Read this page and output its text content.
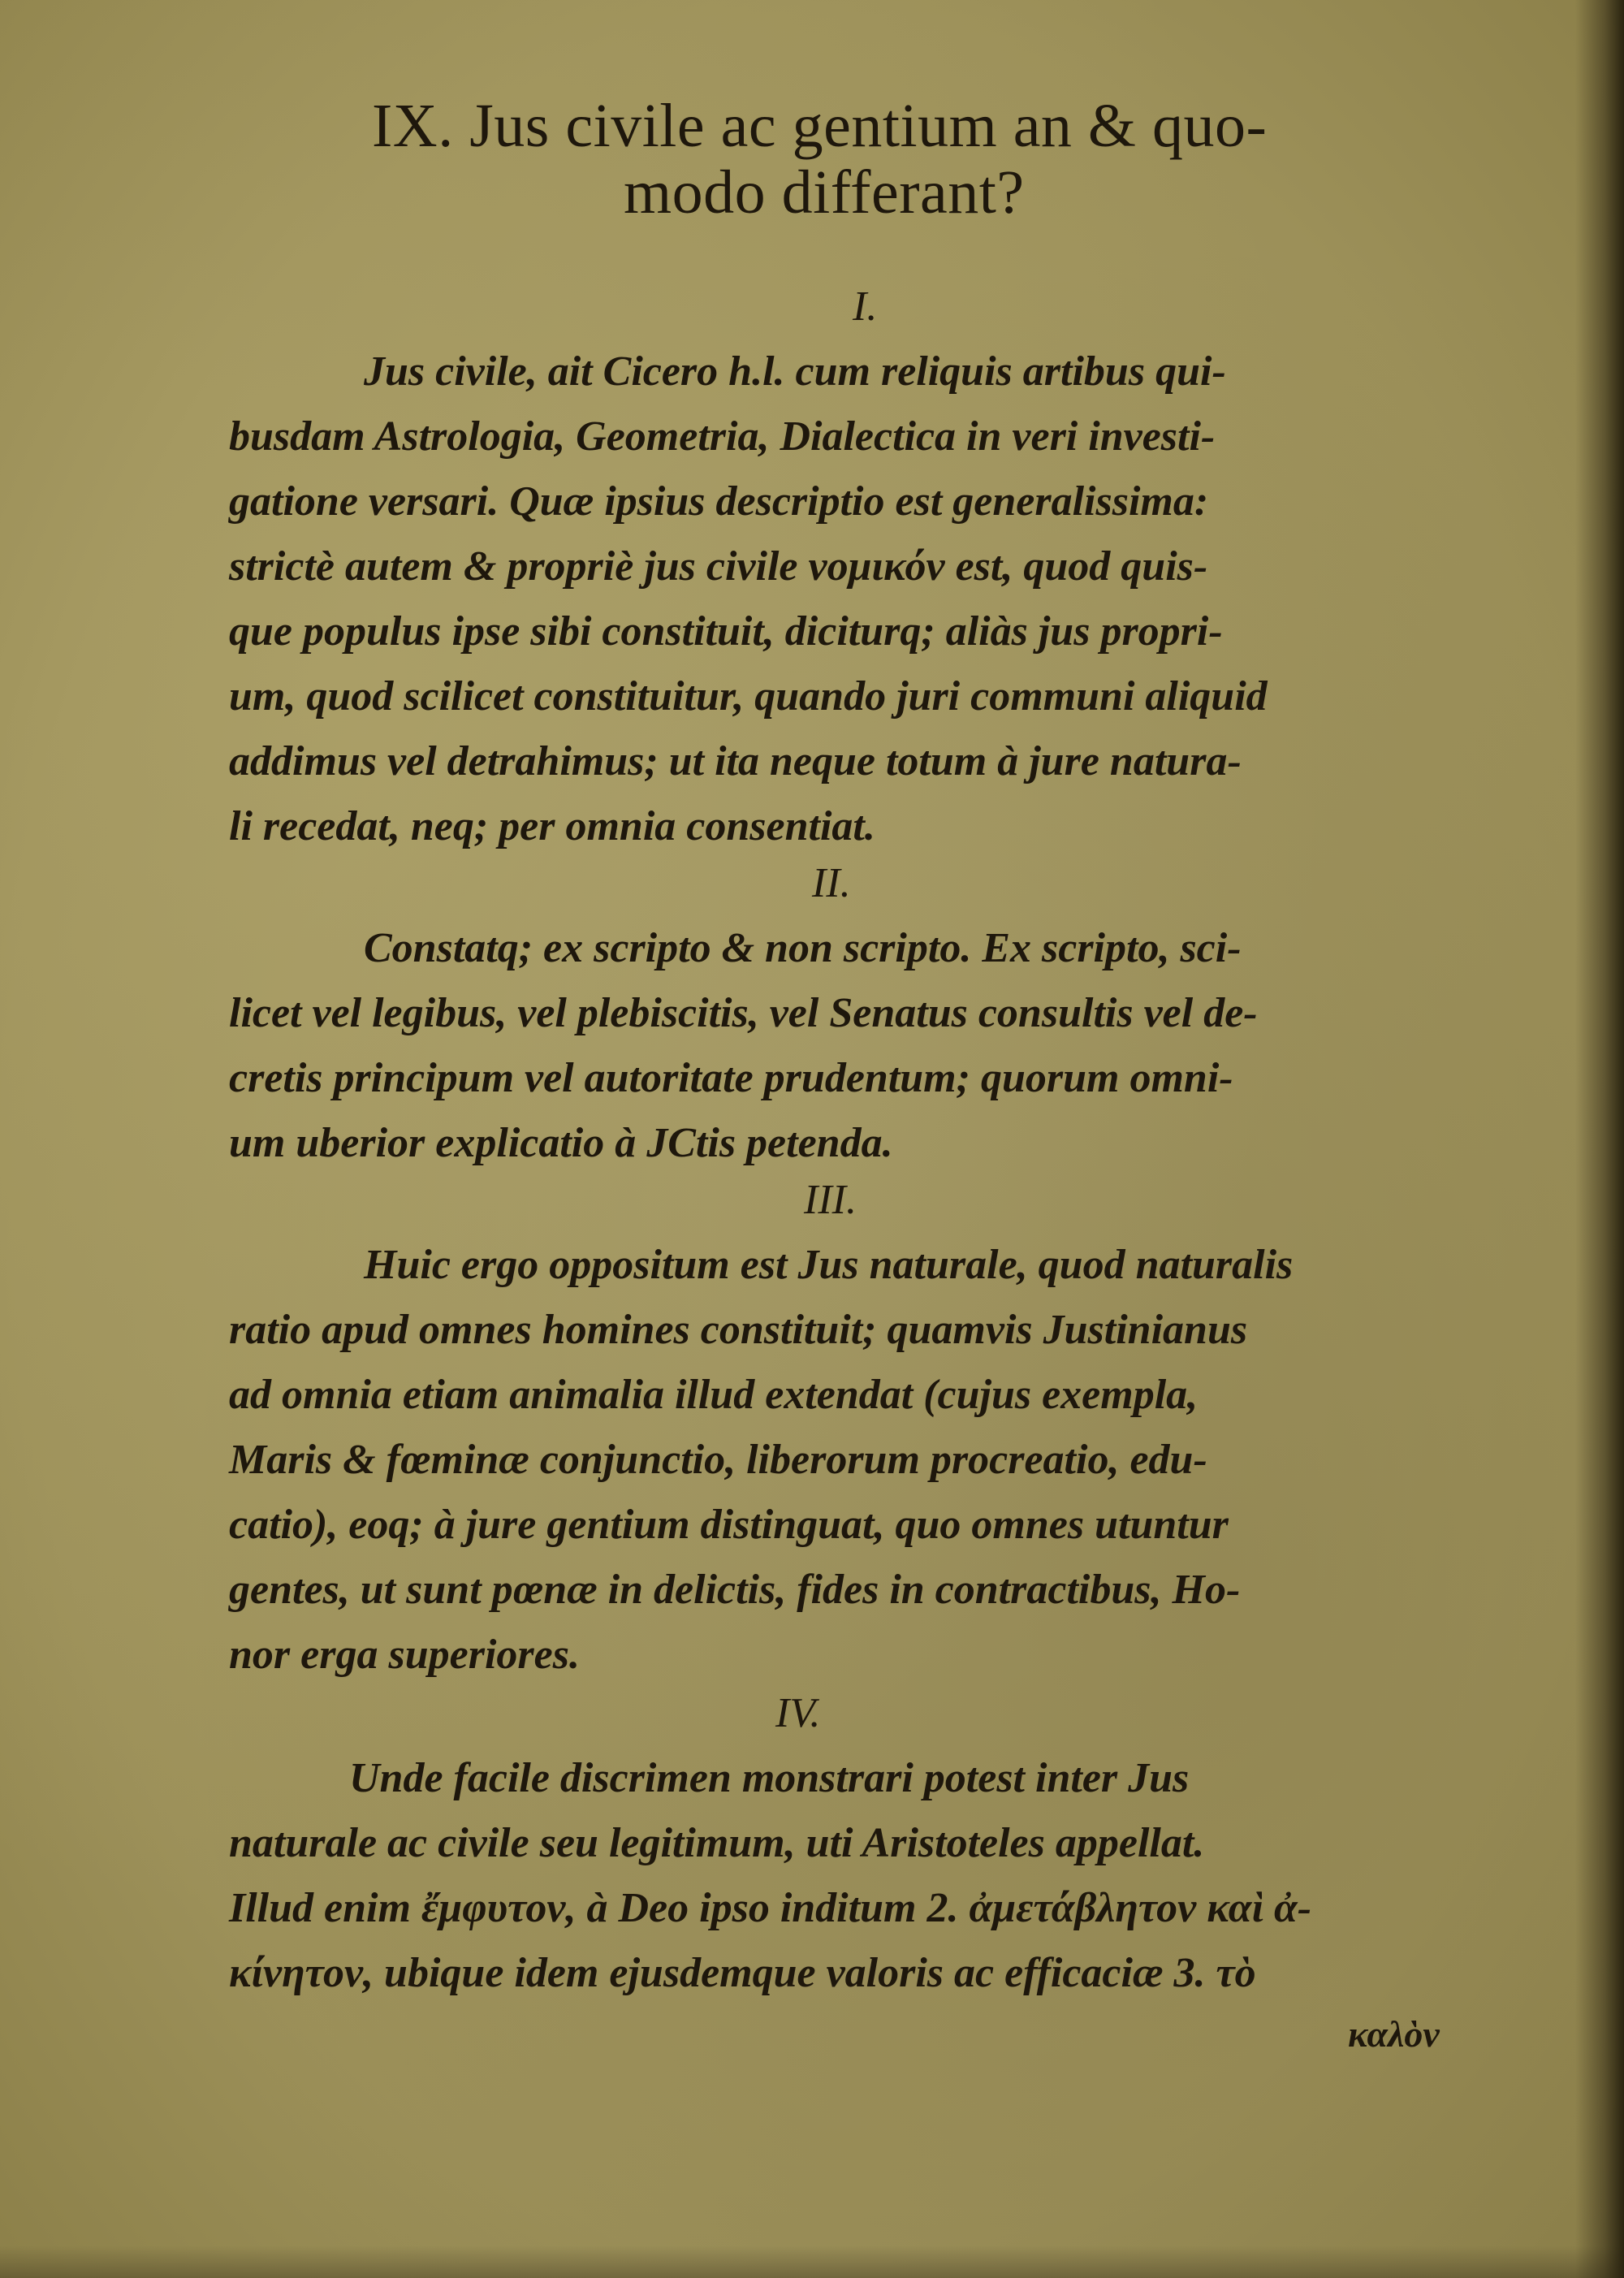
IX. Jus civile ac gentium an & quo-
modo differant?
I.
Jus civile, ait Cicero h.l. cum reliquis artibus qui-
busdam Astrologia, Geometria, Dialectica in veri investi-
gatione versari. Quæ ipsius descriptio est generalissima:
strictè autem & propriè jus civile νομικόν est, quod quis-
que populus ipse sibi constituit, diciturq; aliàs jus propri-
um, quod scilicet constituitur, quando juri communi aliquid
addimus vel detrahimus; ut ita neque totum à jure natura-
li recedat, neq; per omnia consentiat.
II.
Constatq; ex scripto & non scripto. Ex scripto, sci-
licet vel legibus, vel plebiscitis, vel Senatus consultis vel de-
cretis principum vel autoritate prudentum; quorum omni-
um uberior explicatio à JCtis petenda.
III.
Huic ergo oppositum est Jus naturale, quod naturalis
ratio apud omnes homines constituit; quamvis Justinianus
ad omnia etiam animalia illud extendat (cujus exempla,
Maris & fœminæ conjunctio, liberorum procreatio, edu-
catio), eoq; à jure gentium distinguat, quo omnes utuntur
gentes, ut sunt pœnæ in delictis, fides in contractibus, Ho-
nor erga superiores.
IV.
Unde facile discrimen monstrari potest inter Jus
naturale ac civile seu legitimum, uti Aristoteles appellat.
Illud enim ἔμφυτον, à Deo ipso inditum 2. ἀμετάβλητον καὶ ἀ-
κίνητον, ubique idem ejusdemque valoris ac efficaciæ 3. τὸ
καλὸν
